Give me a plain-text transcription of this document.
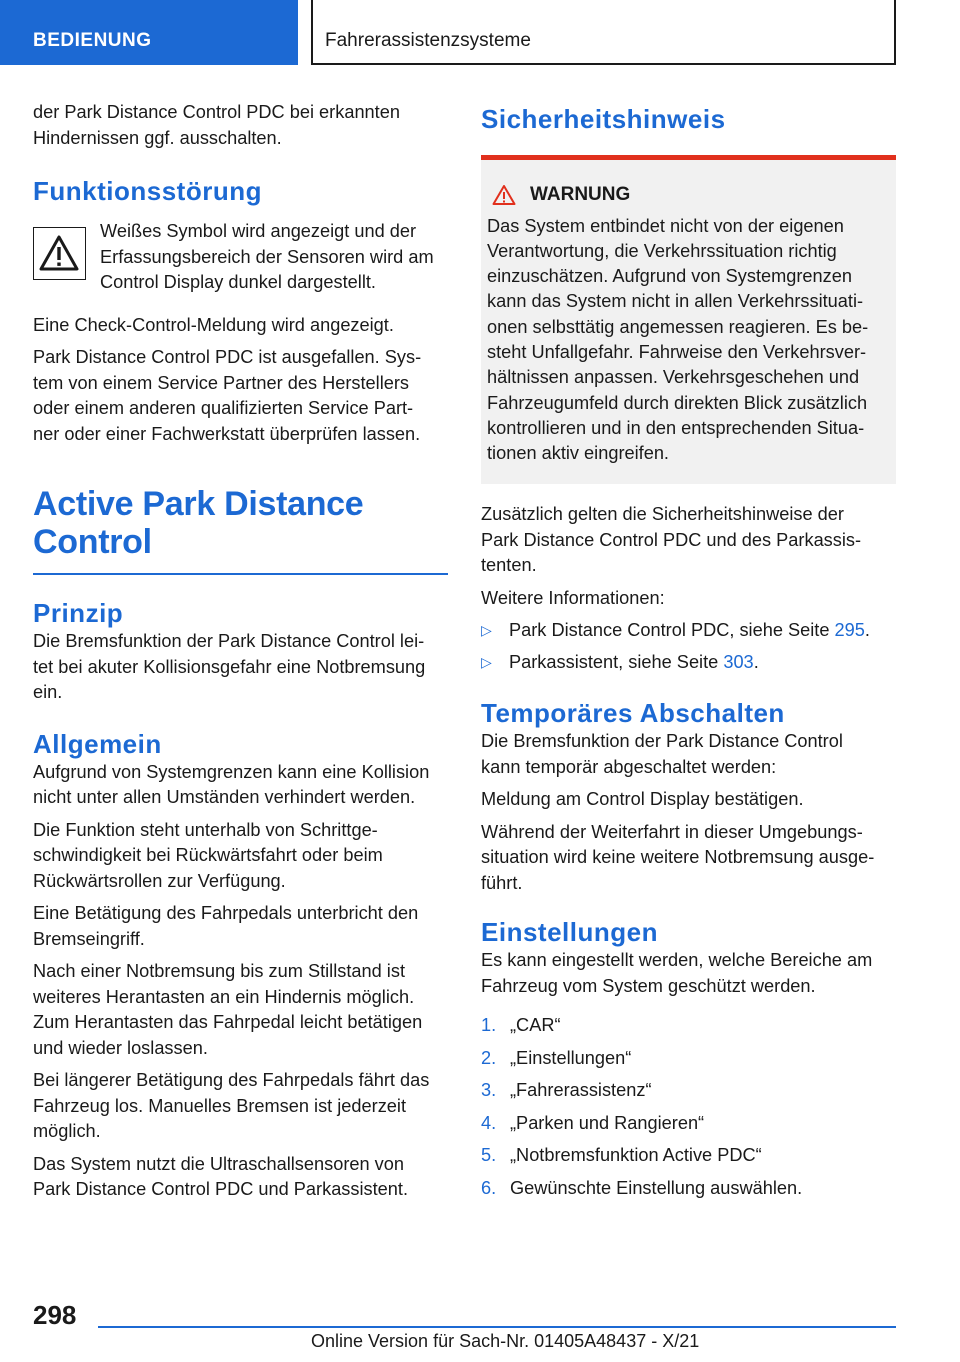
BEDIENUNG	Fahrerassistenzsysteme

der Park Distance Control PDC bei erkannten
Hindernissen ggf. ausschalten.

Funktionsstörung

Weißes Symbol wird angezeigt und der
Erfassungsbereich der Sensoren wird am
Control Display dunkel dargestellt.

Eine Check-Control-Meldung wird angezeigt.

Park Distance Control PDC ist ausgefallen. Sys-
tem von einem Service Partner des Herstellers
oder einem anderen qualifizierten Service Part-
ner oder einer Fachwerkstatt überprüfen lassen.

Active Park Distance
Control
Prinzip

Die Bremsfunktion der Park Distance Control lei-
tet bei akuter Kollisionsgefahr eine Notbremsung
ein.

Allgemein

Aufgrund von Systemgrenzen kann eine Kollision
nicht unter allen Umständen verhindert werden.

Die Funktion steht unterhalb von Schrittge-
schwindigkeit bei Rückwärtsfahrt oder beim
Rückwärtsrollen zur Verfügung.

Eine Betätigung des Fahrpedals unterbricht den
Bremseingriff.

Nach einer Notbremsung bis zum Stillstand ist
weiteres Herantasten an ein Hindernis möglich.
Zum Herantasten das Fahrpedal leicht betätigen
und wieder loslassen.

Bei längerer Betätigung des Fahrpedals fährt das
Fahrzeug los. Manuelles Bremsen ist jederzeit
möglich.

Das System nutzt die Ultraschallsensoren von
Park Distance Control PDC und Parkassistent.

Sicherheitshinweis
WARNUNG

Das System entbindet nicht von der eigenen
Verantwortung, die Verkehrssituation richtig
einzuschätzen. Aufgrund von Systemgrenzen
kann das System nicht in allen Verkehrssituati-
onen selbsttätig angemessen reagieren. Es be-
steht Unfallgefahr. Fahrweise den Verkehrsver-
hältnissen anpassen. Verkehrsgeschehen und
Fahrzeugumfeld durch direkten Blick zusätzlich
kontrollieren und in den entsprechenden Situa-
tionen aktiv eingreifen.

Zusätzlich gelten die Sicherheitshinweise der
Park Distance Control PDC und des Parkassis-
tenten.

Weitere Informationen:

▷ Park Distance Control PDC, siehe Seite 295.
▷ Parkassistent, siehe Seite 303.
Temporäres Abschalten

Die Bremsfunktion der Park Distance Control
kann temporär abgeschaltet werden:

Meldung am Control Display bestätigen.

Während der Weiterfahrt in dieser Umgebungs-
situation wird keine weitere Notbremsung ausge-
führt.

Einstellungen

Es kann eingestellt werden, welche Bereiche am
Fahrzeug vom System geschützt werden.

1. „CAR“
2. „Einstellungen“
3. „Fahrerassistenz“
4. „Parken und Rangieren“
5. „Notbremsfunktion Active PDC“
6. Gewünschte Einstellung auswählen.
298
Online Version für Sach-Nr. 01405A48437 - X/21
